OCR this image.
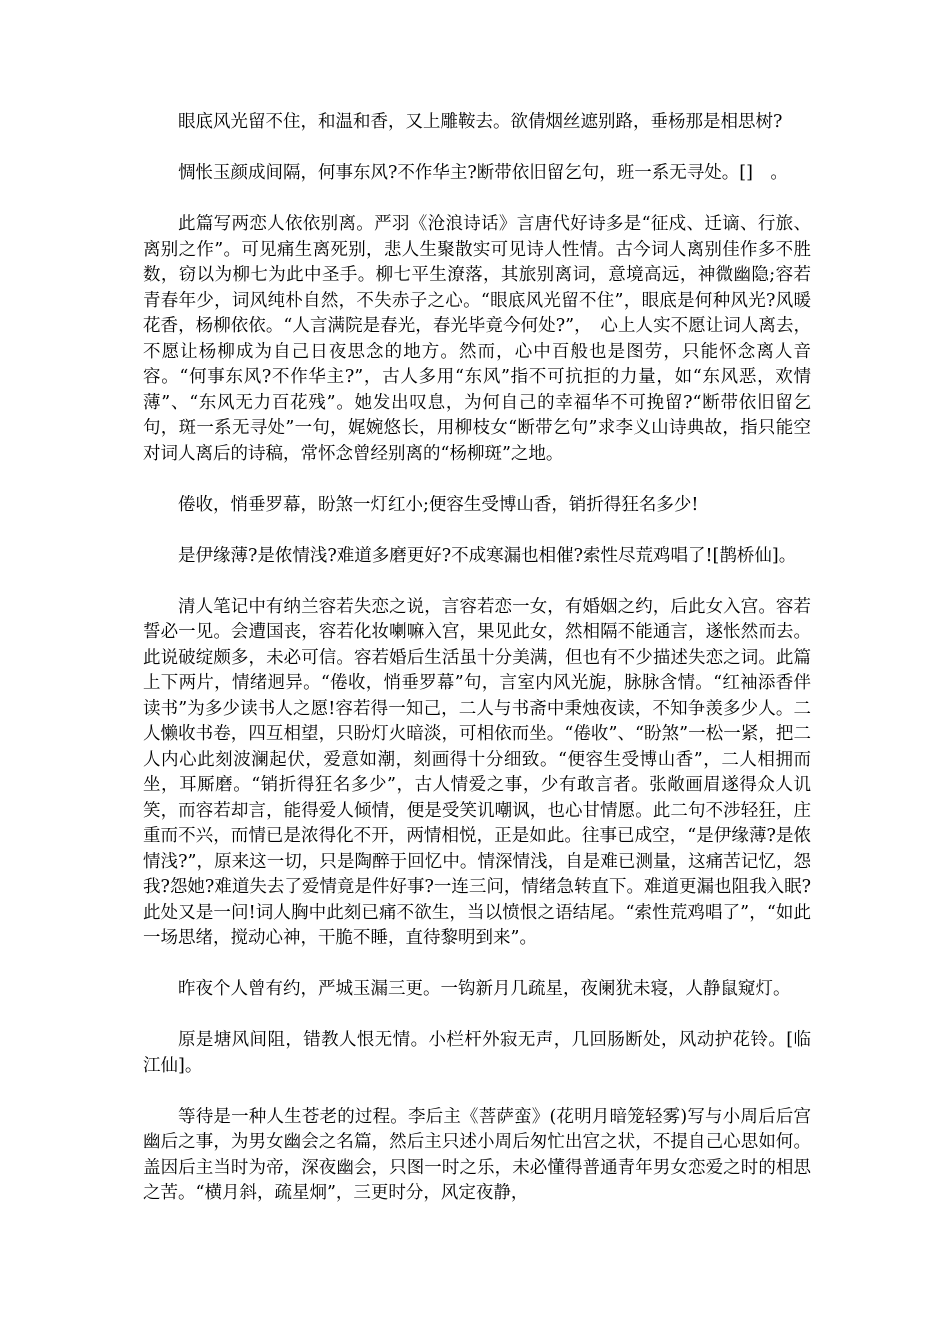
眼底风光留不住，和温和香，又上雕鞍去。欲倩烟丝遮别路，垂杨那是相思树?

惆怅玉颜成间隔，何事东风?不作华主?断带依旧留乞句，班一系无寻处。[]　。

此篇写两恋人依依别离。严羽《沧浪诗话》言唐代好诗多是“征戍、迁谪、行旅、离别之作”。可见痛生离死别，悲人生聚散实可见诗人性情。古今词人离别佳作多不胜数，窃以为柳七为此中圣手。柳七平生潦落，其旅别离词，意境高远，神微幽隐;容若青春年少，词风纯朴自然，不失赤子之心。“眼底风光留不住”，眼底是何种风光?风暖花香，杨柳依依。“人言满院是春光，春光毕竟今何处?”，　心上人实不愿让词人离去，不愿让杨柳成为自己日夜思念的地方。然而，心中百般也是图劳，只能怀念离人音容。“何事东风?不作华主?”，古人多用“东风”指不可抗拒的力量，如“东风恶，欢情薄”、“东风无力百花残”。她发出叹息，为何自己的幸福华不可挽留?“断带依旧留乞句，斑一系无寻处”一句，娓婉悠长，用柳枝女“断带乞句”求李义山诗典故，指只能空对词人离后的诗稿，常怀念曾经别离的“杨柳斑”之地。

倦收，悄垂罗幕，盼煞一灯红小;便容生受博山香，销折得狂名多少!

是伊缘薄?是侬情浅?难道多磨更好?不成寒漏也相催?索性尽荒鸡唱了![鹊桥仙]。

清人笔记中有纳兰容若失恋之说，言容若恋一女，有婚姻之约，后此女入宫。容若誓必一见。会遭国丧，容若化妆喇嘛入宫，果见此女，然相隔不能通言，遂怅然而去。此说破绽颇多，未必可信。容若婚后生活虽十分美满，但也有不少描述失恋之词。此篇上下两片，情绪迥异。“倦收，悄垂罗幕”句，言室内风光旎，脉脉含情。“红袖添香伴读书”为多少读书人之愿!容若得一知己，二人与书斋中秉烛夜读，不知争羡多少人。二人懒收书卷，四互相望，只盼灯火暗淡，可相依而坐。“倦收”、“盼煞”一松一紧，把二人内心此刻波澜起伏，爱意如潮，刻画得十分细致。“便容生受博山香”，二人相拥而坐，耳厮磨。“销折得狂名多少”，古人情爱之事，少有敢言者。张敞画眉遂得众人讥笑，而容若却言，能得爱人倾情，便是受笑讥嘲讽，也心甘情愿。此二句不涉轻狂，庄重而不兴，而情已是浓得化不开，两情相悦，正是如此。往事已成空，“是伊缘薄?是侬情浅?”，原来这一切，只是陶醉于回忆中。情深情浅，自是难已测量，这痛苦记忆，怨我?怨她?难道失去了爱情竟是件好事?一连三问，情绪急转直下。难道更漏也阻我入眠?此处又是一问!词人胸中此刻已痛不欲生，当以愤恨之语结尾。“索性荒鸡唱了”，“如此一场思绪，搅动心神，干脆不睡，直待黎明到来”。

昨夜个人曾有约，严城玉漏三更。一钩新月几疏星，夜阑犹未寝，人静鼠窥灯。

原是塘风间阻，错教人恨无情。小栏杆外寂无声，几回肠断处，风动护花铃。[临江仙]。

等待是一种人生苍老的过程。李后主《菩萨蛮》(花明月暗笼轻雾)写与小周后后宫幽后之事，为男女幽会之名篇，然后主只述小周后匆忙出宫之状，不提自己心思如何。盖因后主当时为帝，深夜幽会，只图一时之乐，未必懂得普通青年男女恋爱之时的相思之苦。“横月斜，疏星炯”，三更时分，风定夜静，
